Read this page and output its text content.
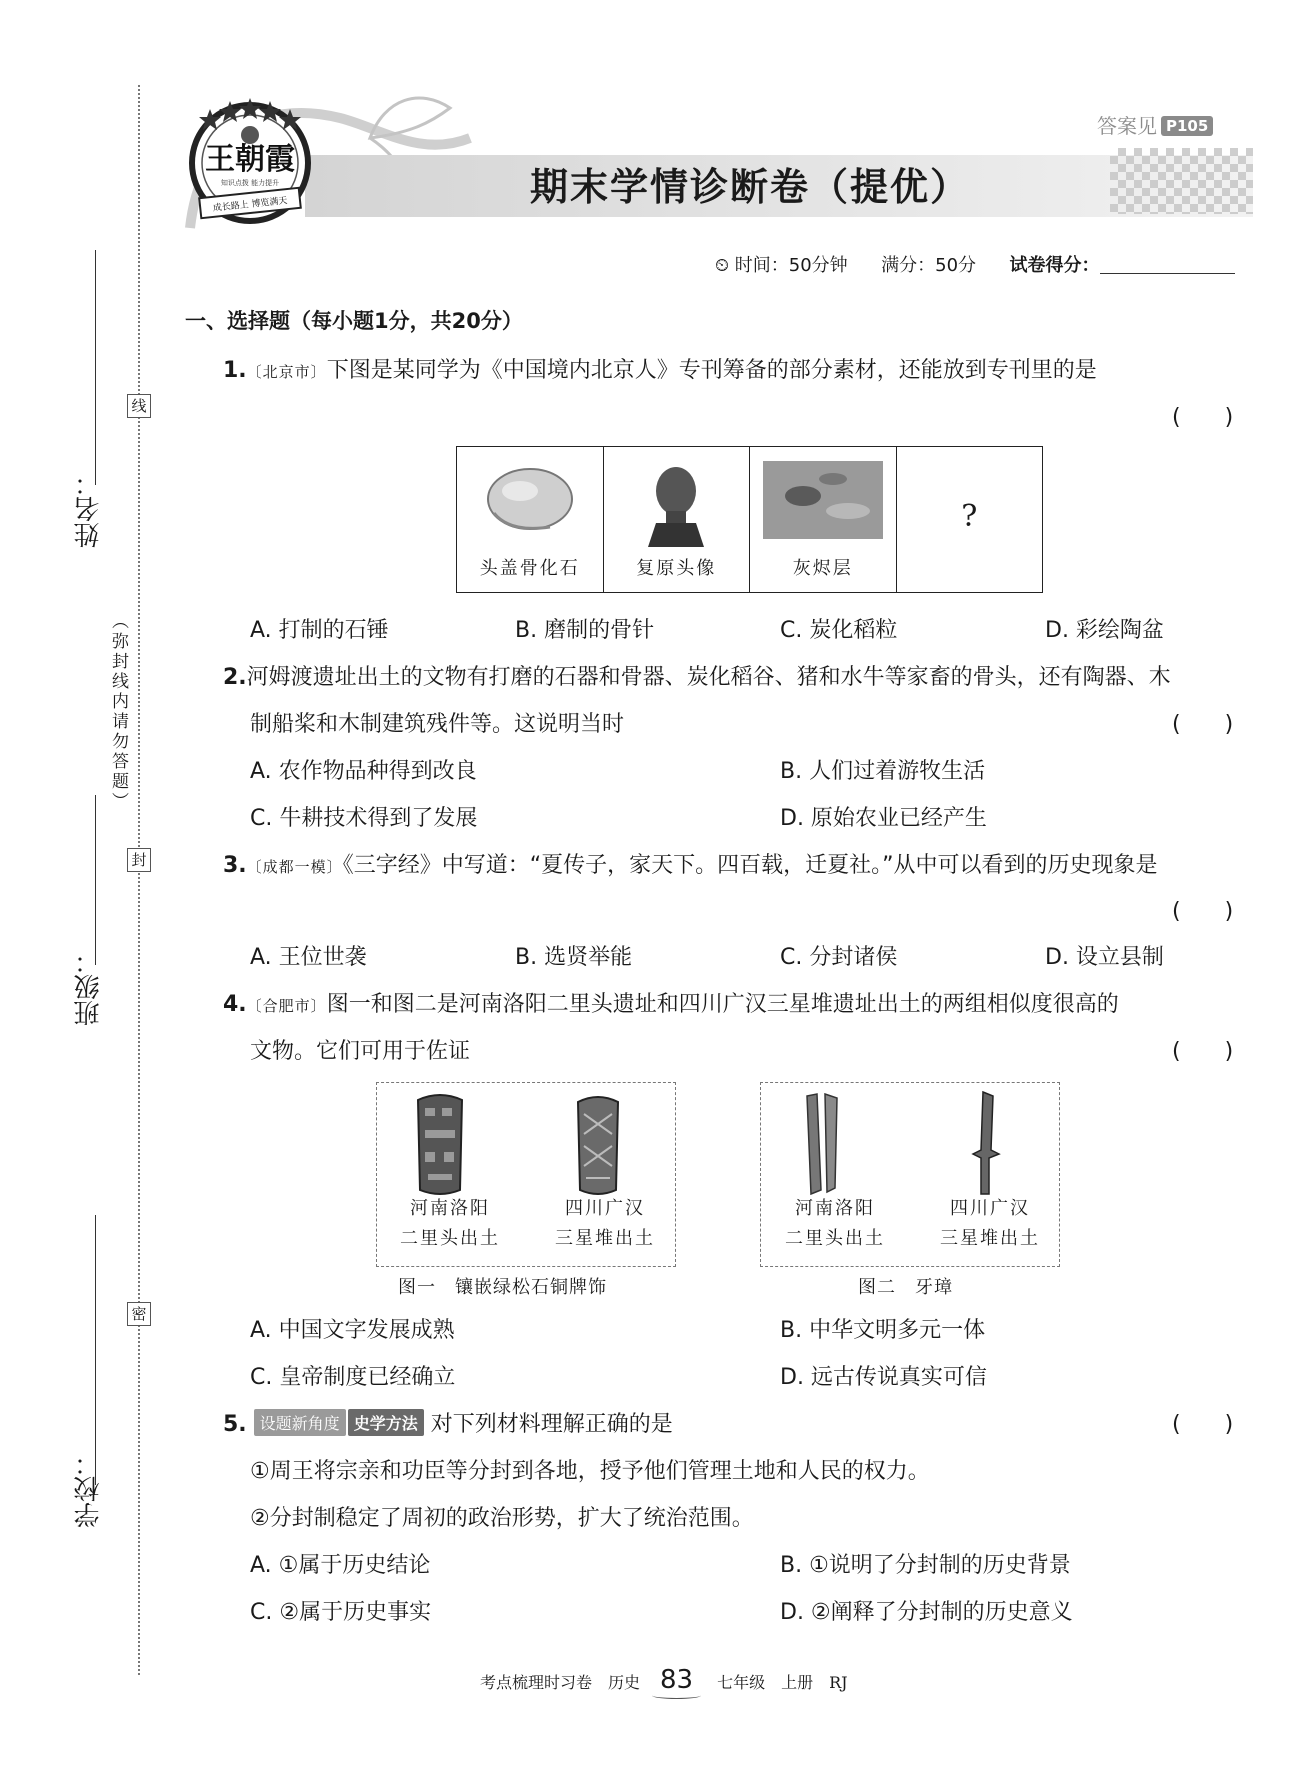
姓名：
班级：
学校：
线
封
密
（弥封线内请勿答题）
王朝霞
知识点拨 能力提升
成长路上 博览满天
答案见 P105
期末学情诊断卷（提优）
⏲ 时间：50分钟 满分：50分 试卷得分：
一、选择题（每小题1分，共20分）
1.〔北京市〕下图是某同学为《中国境内北京人》专刊筹备的部分素材，还能放到专刊里的是
(　　)
头盖骨化石	复原头像	灰烬层
?
A. 打制的石锤	B. 磨制的骨针	C. 炭化稻粒	D. 彩绘陶盆
2.河姆渡遗址出土的文物有打磨的石器和骨器、炭化稻谷、猪和水牛等家畜的骨头，还有陶器、木
制船桨和木制建筑残件等。这说明当时	(　　)
A. 农作物品种得到改良	B. 人们过着游牧生活
C. 牛耕技术得到了发展	D. 原始农业已经产生
3.〔成都一模〕《三字经》中写道：“夏传子，家天下。四百载，迁夏社。”从中可以看到的历史现象是
(　　)
A. 王位世袭	B. 选贤举能	C. 分封诸侯	D. 设立县制
4.〔合肥市〕图一和图二是河南洛阳二里头遗址和四川广汉三星堆遗址出土的两组相似度很高的
文物。它们可用于佐证	(　　)
河南洛阳
二里头出土
四川广汉
三星堆出土
图一　镶嵌绿松石铜牌饰
河南洛阳
二里头出土
四川广汉
三星堆出土
图二　牙璋
A. 中国文字发展成熟	B. 中华文明多元一体
C. 皇帝制度已经确立	D. 远古传说真实可信
5. 设题新角度 史学方法 对下列材料理解正确的是	(　　)
①周王将宗亲和功臣等分封到各地，授予他们管理土地和人民的权力。
②分封制稳定了周初的政治形势，扩大了统治范围。
A. ①属于历史结论	B. ①说明了分封制的历史背景
C. ②属于历史事实	D. ②阐释了分封制的历史意义
考点梳理时习卷　历史 83 七年级　上册　RJ
